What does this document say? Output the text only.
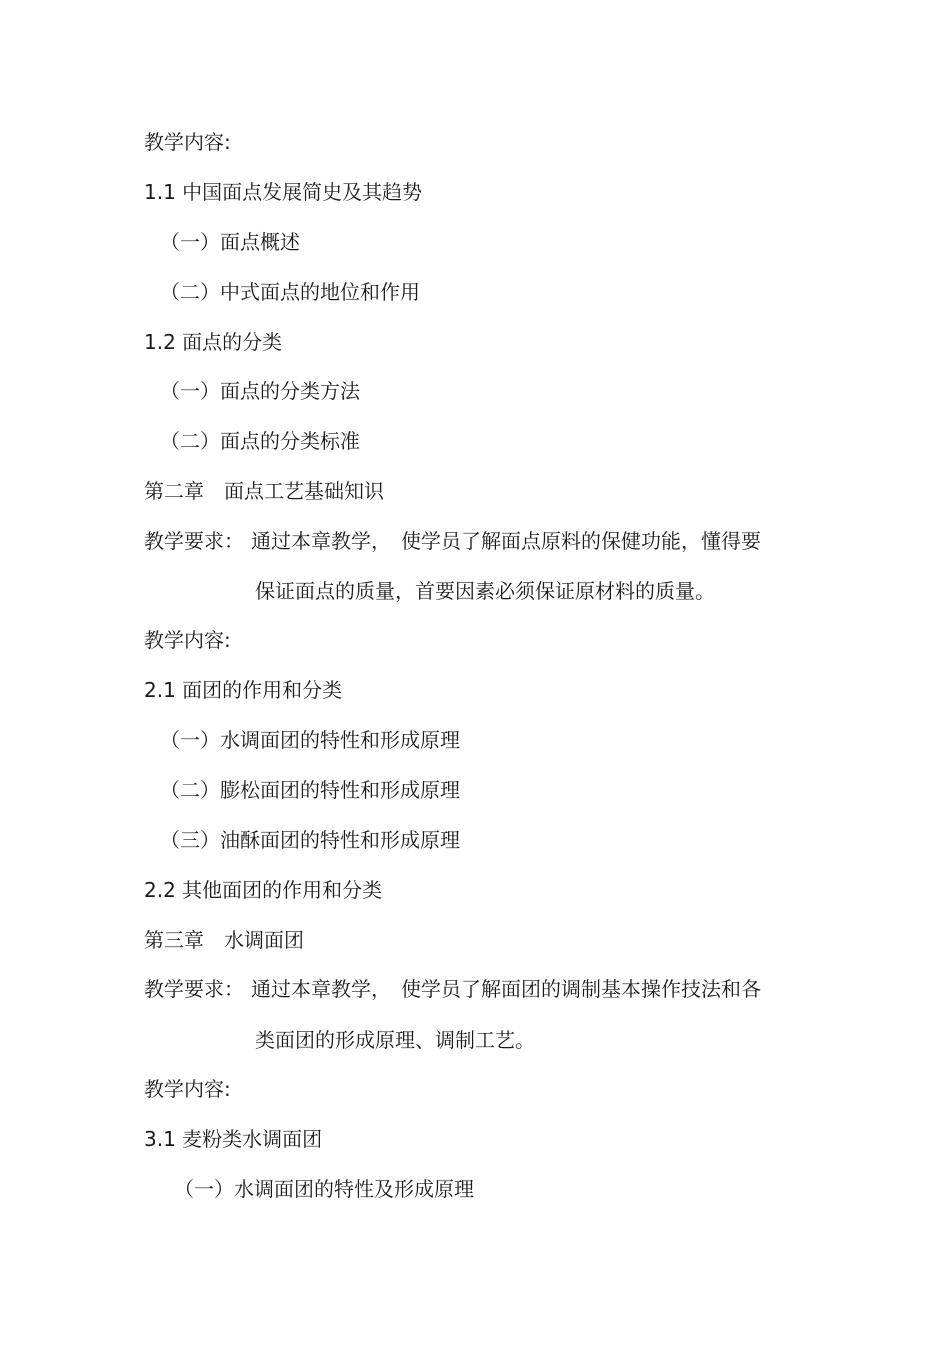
教学内容:
1.1 中国面点发展简史及其趋势
（一）面点概述
（二）中式面点的地位和作用
1.2 面点的分类
（一）面点的分类方法
（二）面点的分类标准
第二章　面点工艺基础知识
教学要求： 通过本章教学，　使学员了解面点原料的保健功能，懂得要
保证面点的质量，首要因素必须保证原材料的质量。
教学内容:
2.1 面团的作用和分类
（一）水调面团的特性和形成原理
（二）膨松面团的特性和形成原理
（三）油酥面团的特性和形成原理
2.2 其他面团的作用和分类
第三章　水调面团
教学要求： 通过本章教学，　使学员了解面团的调制基本操作技法和各
类面团的形成原理、调制工艺。
教学内容:
3.1 麦粉类水调面团
（一）水调面团的特性及形成原理
